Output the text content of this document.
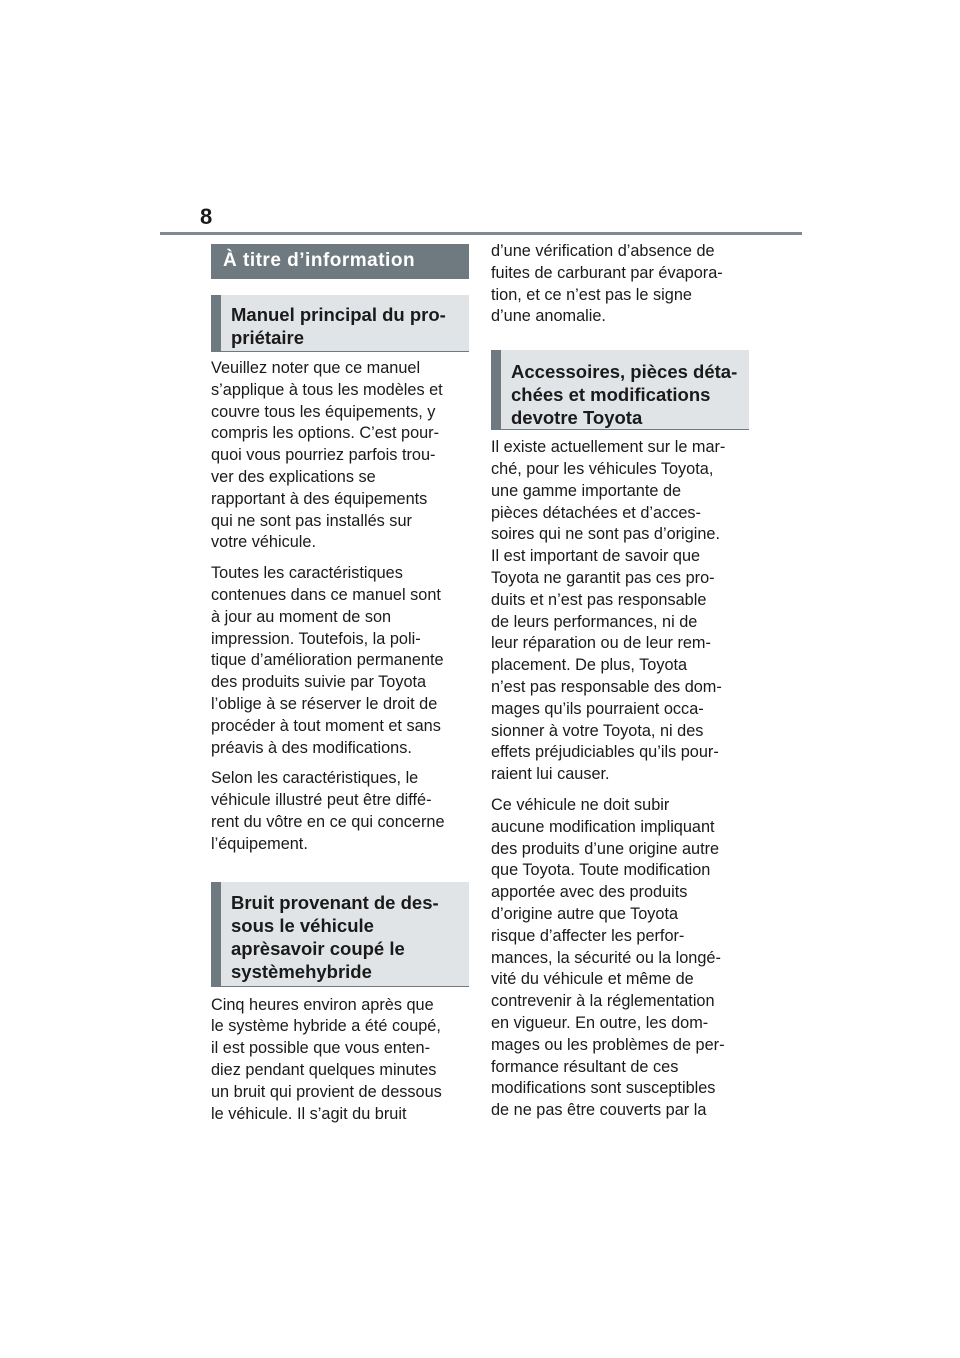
8
À titre d’information
Manuel principal du pro-priétaire

Veuillez noter que ce manuel
s’applique à tous les modèles et
couvre tous les équipements, y
compris les options. C’est pour-
quoi vous pourriez parfois trou-
ver des explications se
rapportant à des équipements
qui ne sont pas installés sur
votre véhicule.

Toutes les caractéristiques
contenues dans ce manuel sont
à jour au moment de son
impression. Toutefois, la poli-
tique d’amélioration permanente
des produits suivie par Toyota
l’oblige à se réserver le droit de
procéder à tout moment et sans
préavis à des modifications.

Selon les caractéristiques, le
véhicule illustré peut être diffé-
rent du vôtre en ce qui concerne
l’équipement.

Bruit provenant de des-sous le véhicule aprèsavoir coupé le systèmehybride

Cinq heures environ après que
le système hybride a été coupé,
il est possible que vous enten-
diez pendant quelques minutes
un bruit qui provient de dessous
le véhicule. Il s’agit du bruit

d’une vérification d’absence de
fuites de carburant par évapora-
tion, et ce n’est pas le signe
d’une anomalie.

Accessoires, pièces déta-chées et modifications devotre Toyota

Il existe actuellement sur le mar-
ché, pour les véhicules Toyota,
une gamme importante de
pièces détachées et d’acces-
soires qui ne sont pas d’origine.
Il est important de savoir que
Toyota ne garantit pas ces pro-
duits et n’est pas responsable
de leurs performances, ni de
leur réparation ou de leur rem-
placement. De plus, Toyota
n’est pas responsable des dom-
mages qu’ils pourraient occa-
sionner à votre Toyota, ni des
effets préjudiciables qu’ils pour-
raient lui causer.

Ce véhicule ne doit subir
aucune modification impliquant
des produits d’une origine autre
que Toyota. Toute modification
apportée avec des produits
d’origine autre que Toyota
risque d’affecter les perfor-
mances, la sécurité ou la longé-
vité du véhicule et même de
contrevenir à la réglementation
en vigueur. En outre, les dom-
mages ou les problèmes de per-
formance résultant de ces
modifications sont susceptibles
de ne pas être couverts par la
